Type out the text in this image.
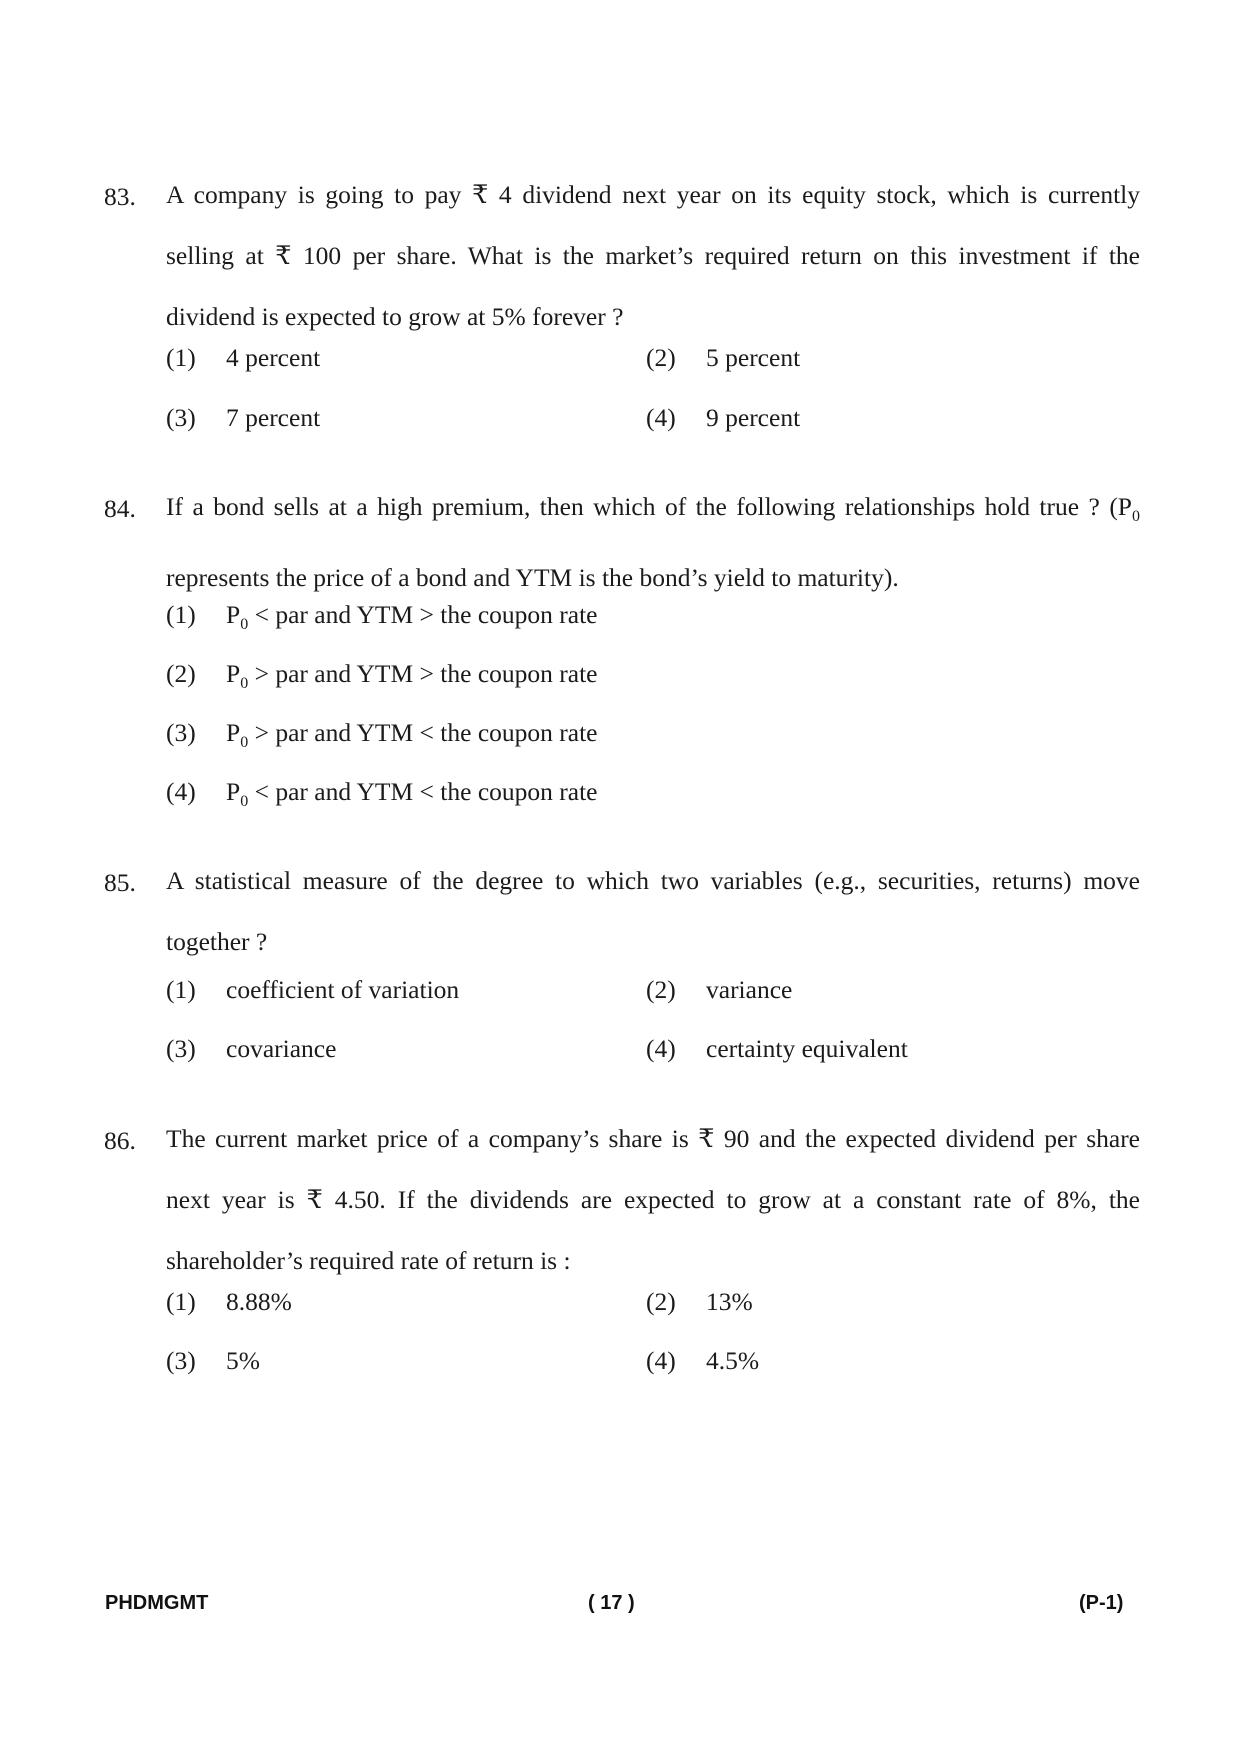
83. A company is going to pay ₹ 4 dividend next year on its equity stock, which is currently selling at ₹ 100 per share. What is the market’s required return on this investment if the dividend is expected to grow at 5% forever ?
(1) 4 percent	(2) 5 percent
(3) 7 percent	(4) 9 percent
84. If a bond sells at a high premium, then which of the following relationships hold true ? ($P_0$ represents the price of a bond and YTM is the bond’s yield to maturity).
(1) $P_0$ < par and YTM > the coupon rate
(2) $P_0$ > par and YTM > the coupon rate
(3) $P_0$ > par and YTM < the coupon rate
(4) $P_0$ < par and YTM < the coupon rate
85. A statistical measure of the degree to which two variables (e.g., securities, returns) move together ?
(1) coefficient of variation	(2) variance
(3) covariance	(4) certainty equivalent
86. The current market price of a company’s share is ₹ 90 and the expected dividend per share next year is ₹ 4.50. If the dividends are expected to grow at a constant rate of 8%, the shareholder’s required rate of return is :
(1) 8.88%	(2) 13%
(3) 5%	(4) 4.5%
PHDMGMT	( 17 )	(P-1)
